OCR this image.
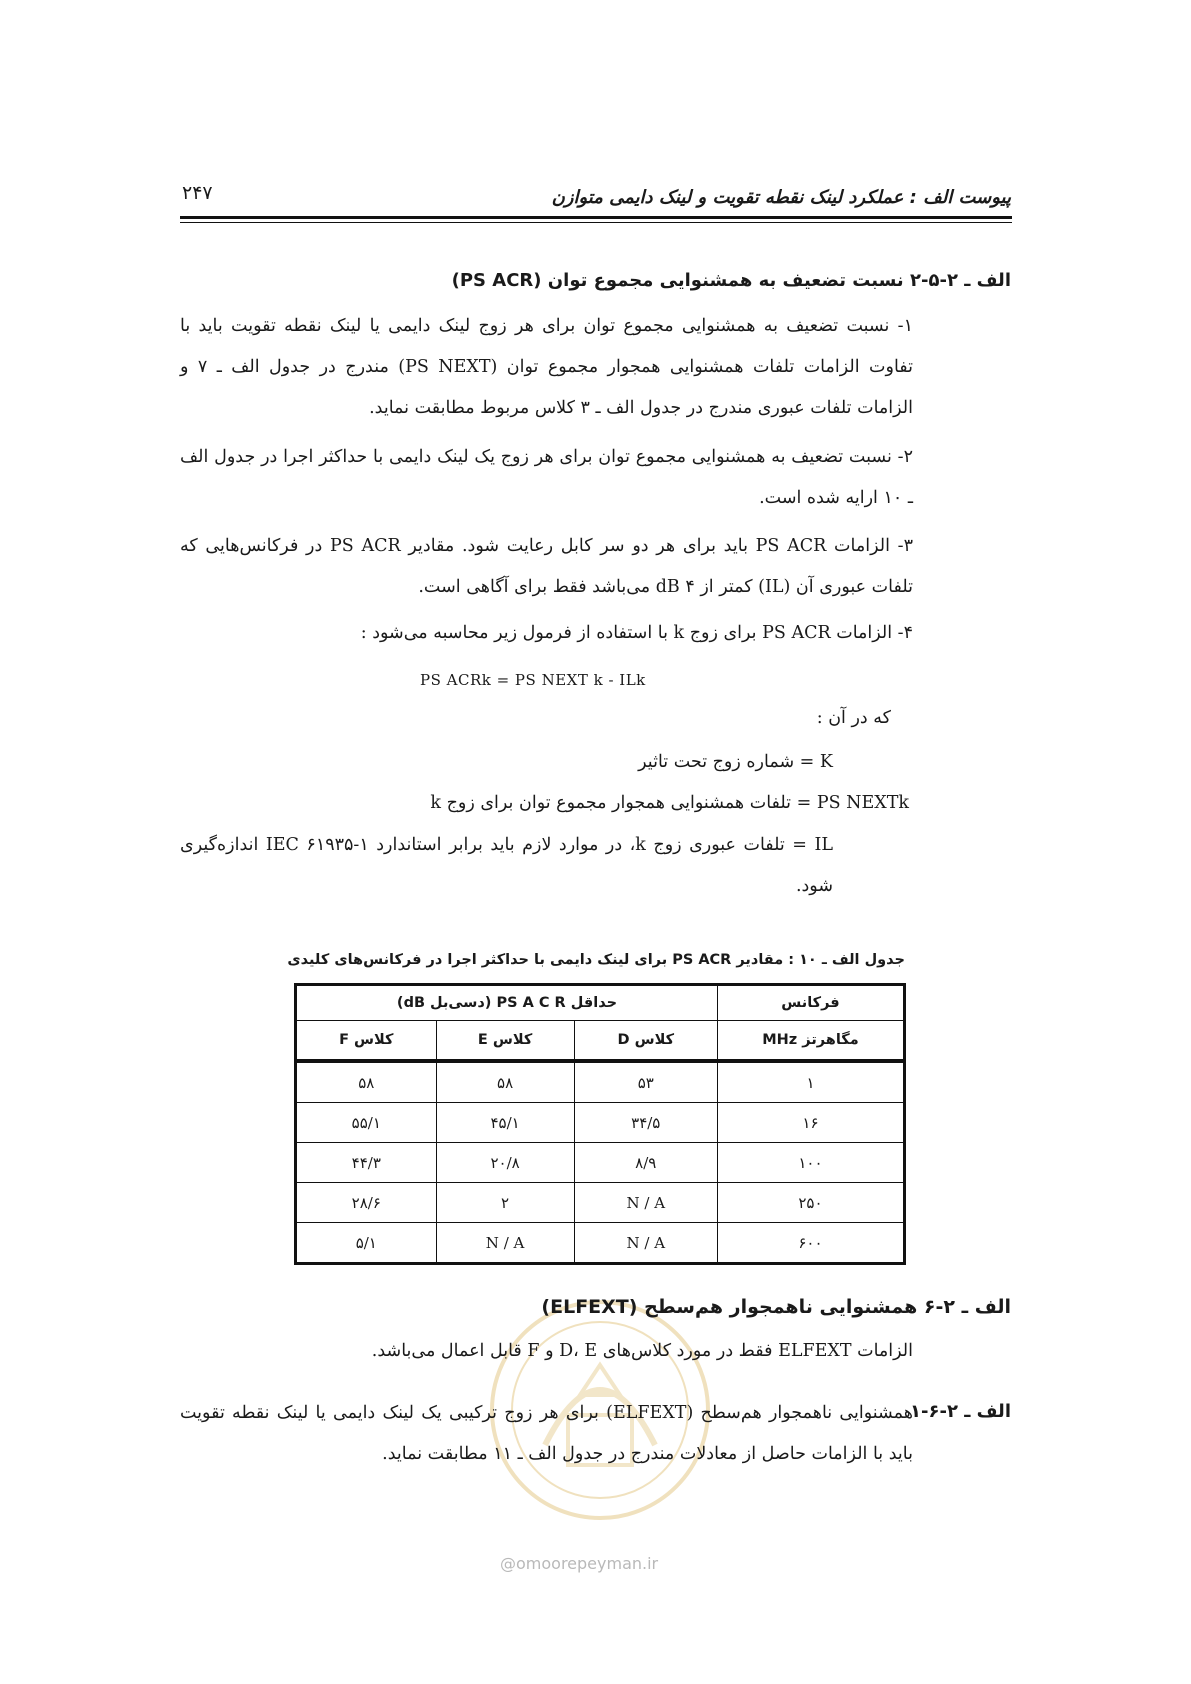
پیوست الف : عملکرد لینک نقطه تقویت و لینک دایمی متوازن
۲۴۷
الف ـ ۲-۵-۲ نسبت تضعیف به همشنوایی مجموع توان (PS ACR)
۱- نسبت تضعیف به همشنوایی مجموع توان برای هر زوج لینک دایمی یا لینک نقطه تقویت باید با تفاوت الزامات تلفات همشنوایی همجوار مجموع توان (PS NEXT) مندرج در جدول الف ـ ۷ و الزامات تلفات عبوری مندرج در جدول الف ـ ۳ کلاس مربوط مطابقت نماید.
۲- نسبت تضعیف به همشنوایی مجموع توان برای هر زوج یک لینک دایمی با حداکثر اجرا در جدول الف ـ ۱۰ ارایه شده است.
۳- الزامات PS ACR باید برای هر دو سر کابل رعایت شود. مقادیر PS ACR در فرکانس‌هایی که تلفات عبوری آن (IL) کمتر از ۴ dB می‌باشد فقط برای آگاهی است.
۴- الزامات PS ACR برای زوج k با استفاده از فرمول زیر محاسبه می‌شود :
PS ACRk = PS NEXT k - ILk
که در آن :
K = شماره زوج تحت تاثیر
PS NEXTk = تلفات همشنوایی همجوار مجموع توان برای زوج k
IL = تلفات عبوری زوج k، در موارد لازم باید برابر استاندارد IEC ۶۱۹۳۵-۱ اندازه‌گیری شود.
جدول الف ـ ۱۰ : مقادیر PS ACR برای لینک دایمی با حداکثر اجرا در فرکانس‌های کلیدی
فرکانس	حداقل PS A C R (دسی‌بل dB)		
مگاهرتز MHz	کلاس D	کلاس E	کلاس F

۱	۵۳	۵۸	۵۸
۱۶	۳۴/۵	۴۵/۱	۵۵/۱
۱۰۰	۸/۹	۲۰/۸	۴۴/۳
۲۵۰	N / A	۲	۲۸/۶
۶۰۰	N / A	N / A	۵/۱
@omoorepeyman.ir
الف ـ ۲-۶ همشنوایی ناهمجوار هم‌سطح (ELFEXT)
الزامات ELFEXT فقط در مورد کلاس‌های D، E و F قابل اعمال می‌باشد.
الف ـ ۲-۶-۱
همشنوایی ناهمجوار هم‌سطح (ELFEXT) برای هر زوج ترکیبی یک لینک دایمی یا لینک نقطه تقویت باید با الزامات حاصل از معادلات مندرج در جدول الف ـ ۱۱ مطابقت نماید.
